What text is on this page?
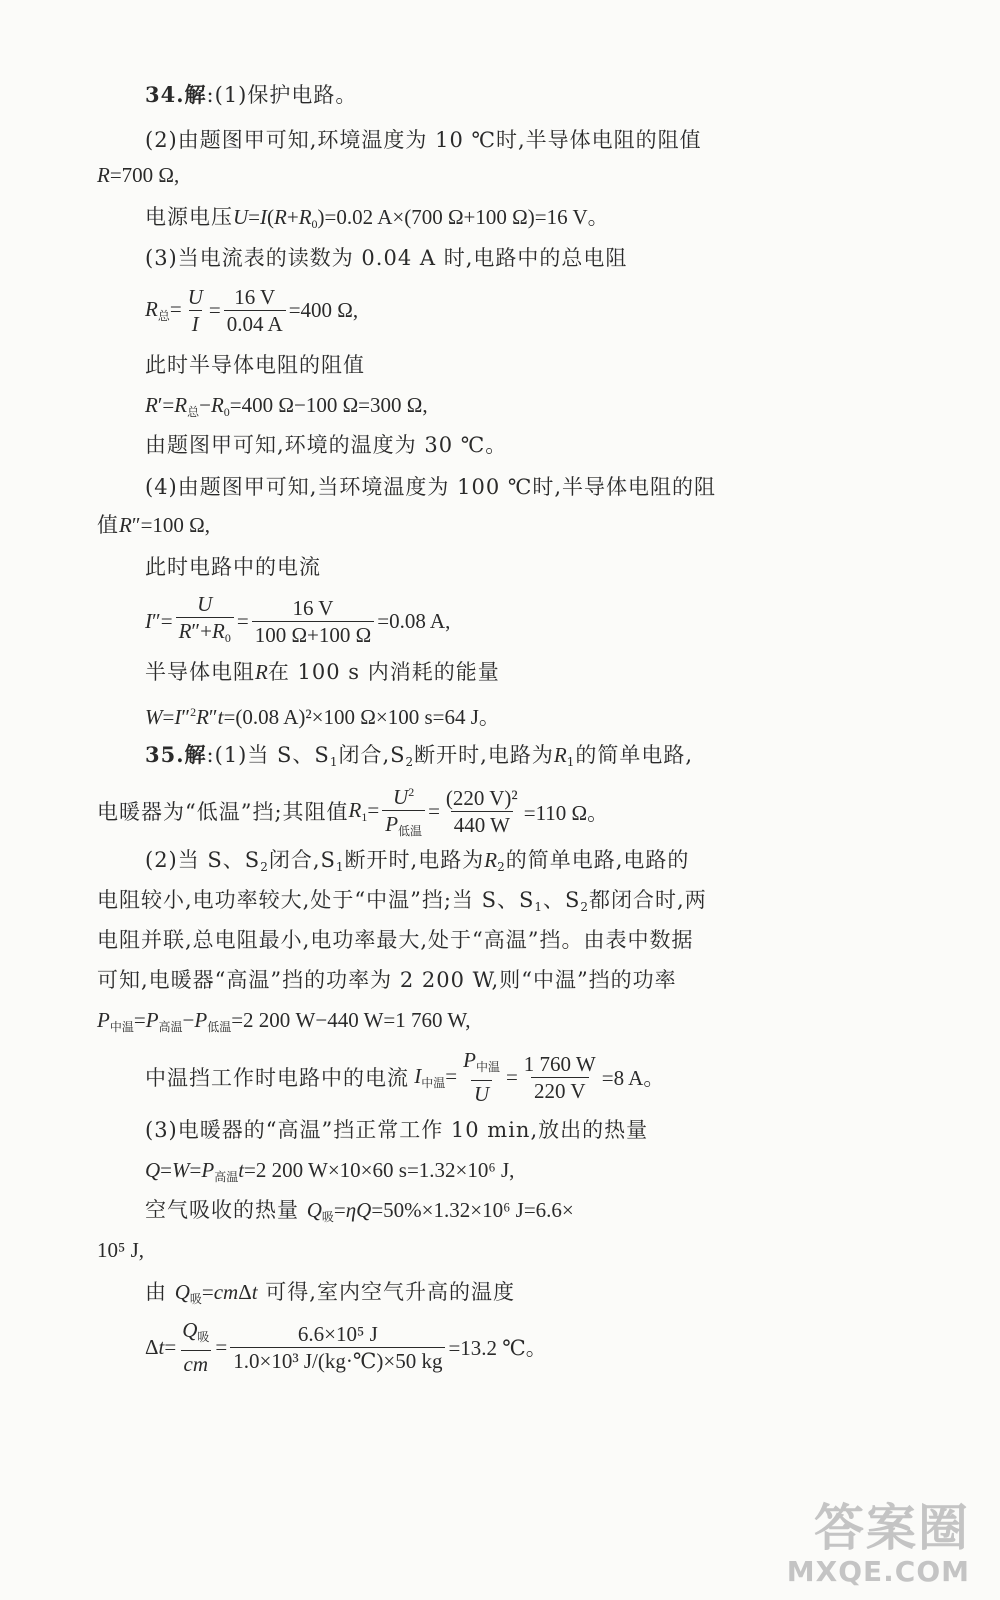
34.解:(1)保护电路。
(2)由题图甲可知,环境温度为 10 ℃时,半导体电阻的阻值
R=700 Ω,
电源电压$U=I(R+R_0)=0.02$ A×(700 Ω+100 Ω)=16 V。
(3)当电流表的读数为 0.04 A 时,电路中的总电阻
$R_总= \frac{U}{I} = \frac{16 V}{0.04 A} =400$ Ω,
此时半导体电阻的阻值
$R'=R_总-R_0=400$ Ω−100 Ω=300 Ω,
由题图甲可知,环境的温度为 30 ℃。
(4)由题图甲可知,当环境温度为 100 ℃时,半导体电阻的阻
值R″=100 Ω,
此时电路中的电流
$I''= \frac{U}{R''+R_0} = \frac{16 V}{100 \Omega+100 \Omega} =0.08$ A,
半导体电阻R在 100 s 内消耗的能量
W=I″$^2$R″t=(0.08 A)²×100 Ω×100 s=64 J。
35.解:(1)当 S、$S_1$闭合$,S_2$断开时,电路为$R_1$的简单电路,
电暖器为“低温”挡;其阻值 $R_1= \frac{U^2}{P_{低温}} = \frac{\text{(220 V)²}}{440 W} =110$ Ω。
(2)当 S、$S_2$闭合$,S_1$断开时,电路为$R_2$的简单电路,电路的
电阻较小,电功率较大,处于“中温”挡;当 S、$S_1$、$S_2$都闭合时,两
电阻并联,总电阻最小,电功率最大,处于“高温”挡。由表中数据
可知,电暖器“高温”挡的功率为 2 200 W,则“中温”挡的功率
$P_{中温}=P_{高温}-P_{低温}=2$ 200 W−440 W=1 760 W,
中温挡工作时电路中的电流 $I_{中温}= \frac{P_{中温}}{U} = \frac{1 760 W}{220 V} =8$ A。
(3)电暖器的“高温”挡正常工作 10 min,放出的热量
$Q=W=P_{高温}t=2$ 200 W×10×60 s=1.32×10⁶ J,
空气吸收的热量 $Q_吸=\eta Q=50\%\times 1.32\times 10^6$ J=6.6×
10⁵ J,
由 $Q_吸=cm\Delta t$ 可得,室内空气升高的温度
$\Delta t= \frac{Q_吸}{cm} = \frac{\text{6.6×10⁵ J}}{\text{1.0×10³ J/(kg·℃)×50 kg}} =13.2$ ℃。
答案圈
MXQE.COM
